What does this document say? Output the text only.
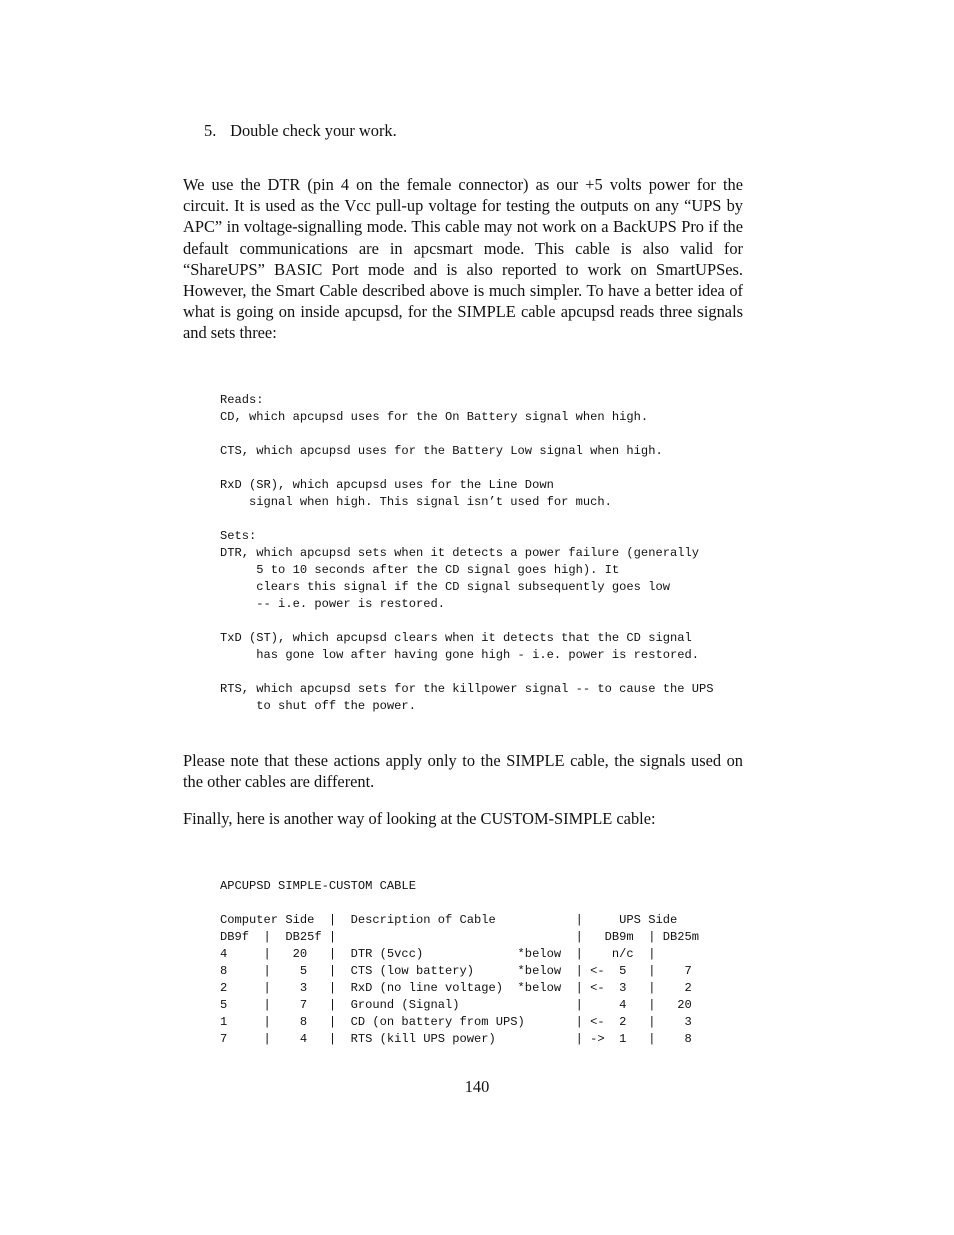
5. Double check your work.

We use the DTR (pin 4 on the female connector) as our +5 volts power for the circuit. It is used as the Vcc pull-up voltage for testing the outputs on any “UPS by APC” in voltage-signalling mode. This cable may not work on a BackUPS Pro if the default communications are in apcsmart mode. This cable is also valid for “ShareUPS” BASIC Port mode and is also reported to work on SmartUPSes. However, the Smart Cable described above is much simpler. To have a better idea of what is going on inside apcupsd, for the SIMPLE cable apcupsd reads three signals and sets three:

Reads:
CD, which apcupsd uses for the On Battery signal when high.

CTS, which apcupsd uses for the Battery Low signal when high.

RxD (SR), which apcupsd uses for the Line Down
signal when high. This signal isn’t used for much.

Sets:
DTR, which apcupsd sets when it detects a power failure (generally
5 to 10 seconds after the CD signal goes high). It
clears this signal if the CD signal subsequently goes low
-- i.e. power is restored.

TxD (ST), which apcupsd clears when it detects that the CD signal
has gone low after having gone high - i.e. power is restored.

RTS, which apcupsd sets for the killpower signal -- to cause the UPS
to shut off the power.

Please note that these actions apply only to the SIMPLE cable, the signals used on the other cables are different.

Finally, here is another way of looking at the CUSTOM-SIMPLE cable:

APCUPSD SIMPLE-CUSTOM CABLE

Computer Side  |  Description of Cable           |     UPS Side
DB9f  |  DB25f |                                 |   DB9m  | DB25m
4     |   20   |  DTR (5vcc)             *below  |    n/c  |
8     |    5   |  CTS (low battery)      *below  | <-  5   |    7
2     |    3   |  RxD (no line voltage)  *below  | <-  3   |    2
5     |    7   |  Ground (Signal)                |     4   |   20
1     |    8   |  CD (on battery from UPS)       | <-  2   |    3
7     |    4   |  RTS (kill UPS power)           | ->  1   |    8
140
